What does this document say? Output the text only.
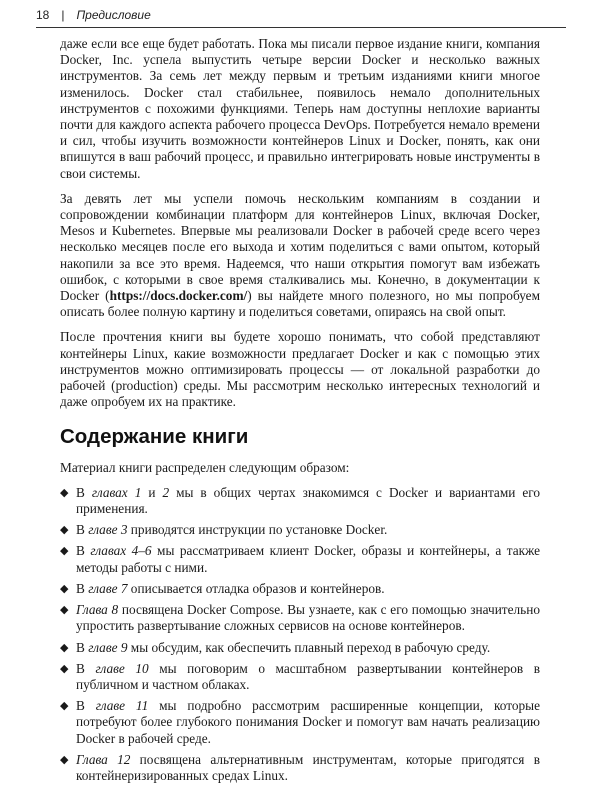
18 | Предисловие

даже если все еще будет работать. Пока мы писали первое издание книги, компания Docker, Inc. успела выпустить четыре версии Docker и несколько важных инструментов. За семь лет между первым и третьим изданиями книги многое изменилось. Docker стал стабильнее, появилось немало дополнительных инструментов с похожими функциями. Теперь нам доступны неплохие варианты почти для каждого аспекта рабочего процесса DevOps. Потребуется немало времени и сил, чтобы изучить возможности контейнеров Linux и Docker, понять, как они впишутся в ваш рабочий процесс, и правильно интегрировать новые инструменты в свои системы.

За девять лет мы успели помочь нескольким компаниям в создании и сопровождении комбинации платформ для контейнеров Linux, включая Docker, Mesos и Kubernetes. Впервые мы реализовали Docker в рабочей среде всего через несколько месяцев после его выхода и хотим поделиться с вами опытом, который накопили за все это время. Надеемся, что наши открытия помогут вам избежать ошибок, с которыми в свое время сталкивались мы. Конечно, в документации к Docker (https://docs.docker.com/) вы найдете много полезного, но мы попробуем описать более полную картину и поделиться советами, опираясь на свой опыт.

После прочтения книги вы будете хорошо понимать, что собой представляют контейнеры Linux, какие возможности предлагает Docker и как с помощью этих инструментов можно оптимизировать процессы — от локальной разработки до рабочей (production) среды. Мы рассмотрим несколько интересных технологий и даже опробуем их на практике.

Содержание книги

Материал книги распределен следующим образом:

◆ В главах 1 и 2 мы в общих чертах знакомимся с Docker и вариантами его применения.
◆ В главе 3 приводятся инструкции по установке Docker.
◆ В главах 4–6 мы рассматриваем клиент Docker, образы и контейнеры, а также методы работы с ними.
◆ В главе 7 описывается отладка образов и контейнеров.
◆ Глава 8 посвящена Docker Compose. Вы узнаете, как с его помощью значительно упростить развертывание сложных сервисов на основе контейнеров.
◆ В главе 9 мы обсудим, как обеспечить плавный переход в рабочую среду.
◆ В главе 10 мы поговорим о масштабном развертывании контейнеров в публичном и частном облаках.
◆ В главе 11 мы подробно рассмотрим расширенные концепции, которые потребуют более глубокого понимания Docker и помогут вам начать реализацию Docker в рабочей среде.
◆ Глава 12 посвящена альтернативным инструментам, которые пригодятся в контейнеризированных средах Linux.
